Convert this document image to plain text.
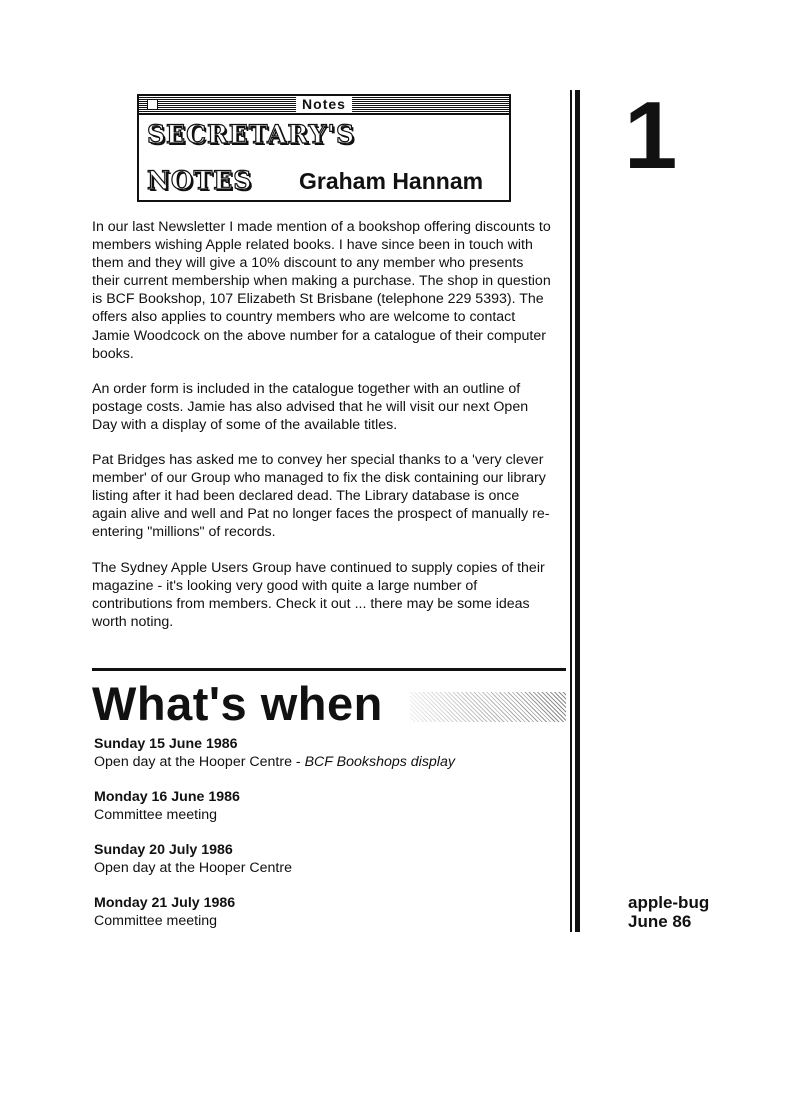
Notes
SECRETARY'S
NOTES Graham Hannam

In our last Newsletter I made mention of a bookshop offering discounts to members wishing Apple related books. I have since been in touch with them and they will give a 10% discount to any member who presents their current membership when making a purchase. The shop in question is BCF Bookshop, 107 Elizabeth St Brisbane (telephone 229 5393). The offers also applies to country members who are welcome to contact Jamie Woodcock on the above number for a catalogue of their computer books.

An order form is included in the catalogue together with an outline of postage costs. Jamie has also advised that he will visit our next Open Day with a display of some of the available titles.

Pat Bridges has asked me to convey her special thanks to a 'very clever member' of our Group who managed to fix the disk containing our library listing after it had been declared dead. The Library database is once again alive and well and Pat no longer faces the prospect of manually re-entering "millions" of records.

The Sydney Apple Users Group have continued to supply copies of their magazine - it's looking very good with quite a large number of contributions from members. Check it out ... there may be some ideas worth noting.

What's when
Sunday 15 June 1986
Open day at the Hooper Centre - BCF Bookshops display
Monday 16 June 1986
Committee meeting
Sunday 20 July 1986
Open day at the Hooper Centre
Monday 21 July 1986
Committee meeting
1
apple-bug
June 86
